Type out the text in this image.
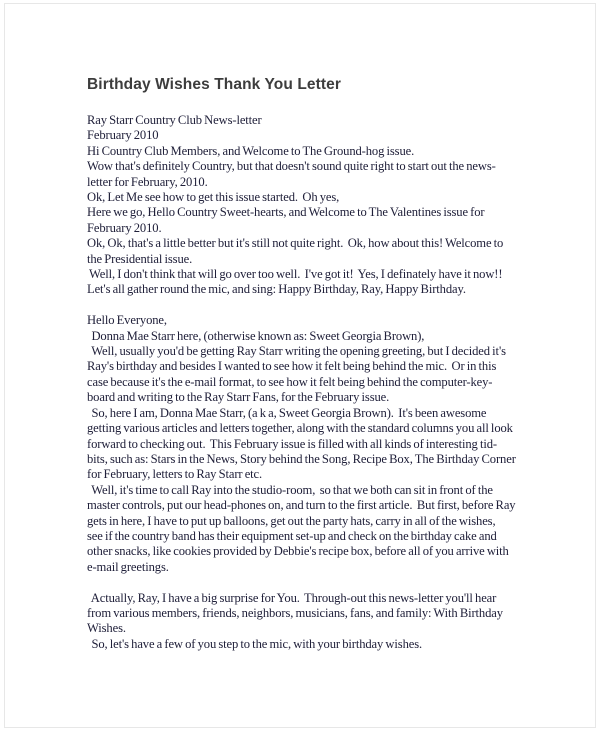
Birthday Wishes Thank You Letter
Ray Starr Country Club News-letter
February 2010
Hi Country Club Members, and Welcome to The Ground-hog issue.
Wow that's definitely Country, but that doesn't sound quite right to start out the news-
letter for February, 2010.
Ok, Let Me see how to get this issue started.  Oh yes,
Here we go, Hello Country Sweet-hearts, and Welcome to The Valentines issue for
February 2010.
Ok, Ok, that's a little better but it's still not quite right.  Ok, how about this! Welcome to
the Presidential issue.
Well, I don't think that will go over too well.  I've got it!  Yes, I definately have it now!!
Let's all gather round the mic, and sing: Happy Birthday, Ray, Happy Birthday.
Hello Everyone,
Donna Mae Starr here, (otherwise known as: Sweet Georgia Brown),
Well, usually you'd be getting Ray Starr writing the opening greeting, but I decided it's
Ray's birthday and besides I wanted to see how it felt being behind the mic.  Or in this
case because it's the e-mail format, to see how it felt being behind the computer-key-
board and writing to the Ray Starr Fans, for the February issue.
So, here I am, Donna Mae Starr, (a k a, Sweet Georgia Brown).  It's been awesome
getting various articles and letters together, along with the standard columns you all look
forward to checking out.  This February issue is filled with all kinds of interesting tid-
bits, such as: Stars in the News, Story behind the Song, Recipe Box, The Birthday Corner
for February, letters to Ray Starr etc.
Well, it's time to call Ray into the studio-room,  so that we both can sit in front of the
master controls, put our head-phones on, and turn to the first article.  But first, before Ray
gets in here, I have to put up balloons, get out the party hats, carry in all of the wishes,
see if the country band has their equipment set-up and check on the birthday cake and
other snacks, like cookies provided by Debbie's recipe box, before all of you arrive with
e-mail greetings.
Actually, Ray, I have a big surprise for You.  Through-out this news-letter you'll hear
from various members, friends, neighbors, musicians, fans, and family: With Birthday
Wishes.
So, let's have a few of you step to the mic, with your birthday wishes.
